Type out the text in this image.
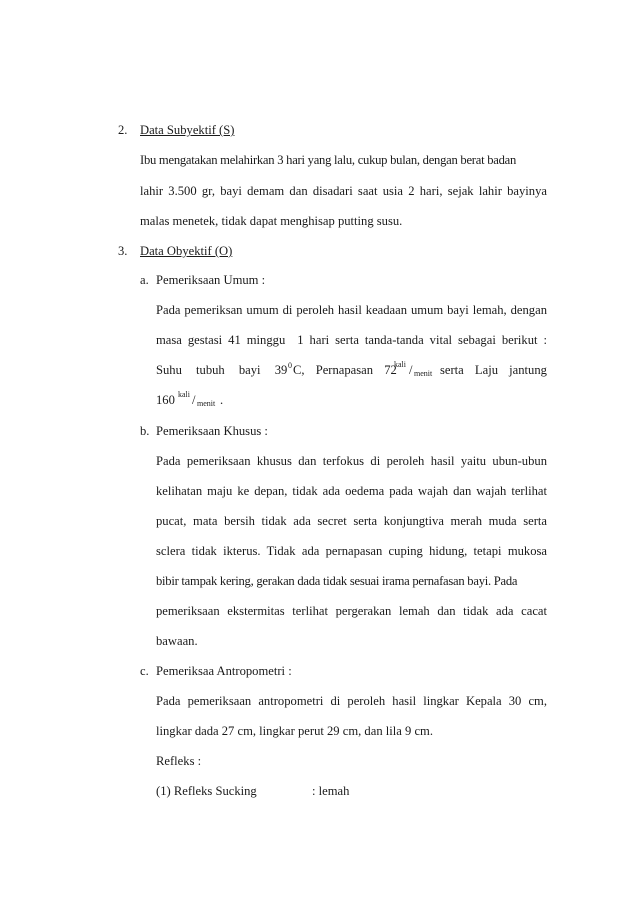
2. Data Subyektif (S)
Ibu mengatakan melahirkan 3 hari yang lalu, cukup bulan, dengan berat badan
lahir 3.500 gr, bayi demam dan disadari saat usia 2 hari, sejak lahir bayinya
malas menetek, tidak dapat menghisap putting susu.
3. Data Obyektif (O)
a. Pemeriksaan Umum :
Pada pemeriksan umum di peroleh hasil keadaan umum bayi lemah, dengan
masa gestasi 41 minggu  1 hari serta tanda-tanda vital sebagai berikut :
Suhu tubuh bayi 39 0 C, Pernapasan 72
kali / menit serta Laju jantung
160 kali / menit .
b. Pemeriksaan Khusus :
Pada pemeriksaan khusus dan terfokus di peroleh hasil yaitu ubun-ubun
kelihatan maju ke depan, tidak ada oedema pada wajah dan wajah terlihat
pucat, mata bersih tidak ada secret serta konjungtiva merah muda serta
sclera tidak ikterus. Tidak ada pernapasan cuping hidung, tetapi mukosa
bibir tampak kering, gerakan dada tidak sesuai irama pernafasan bayi. Pada
pemeriksaan ekstermitas terlihat pergerakan lemah dan tidak ada cacat
bawaan.
c. Pemeriksaa Antropometri :
Pada pemeriksaan antropometri di peroleh hasil lingkar Kepala 30 cm,
lingkar dada 27 cm, lingkar perut 29 cm, dan lila 9 cm.
Refleks :
(1) Refleks Sucking	: lemah
